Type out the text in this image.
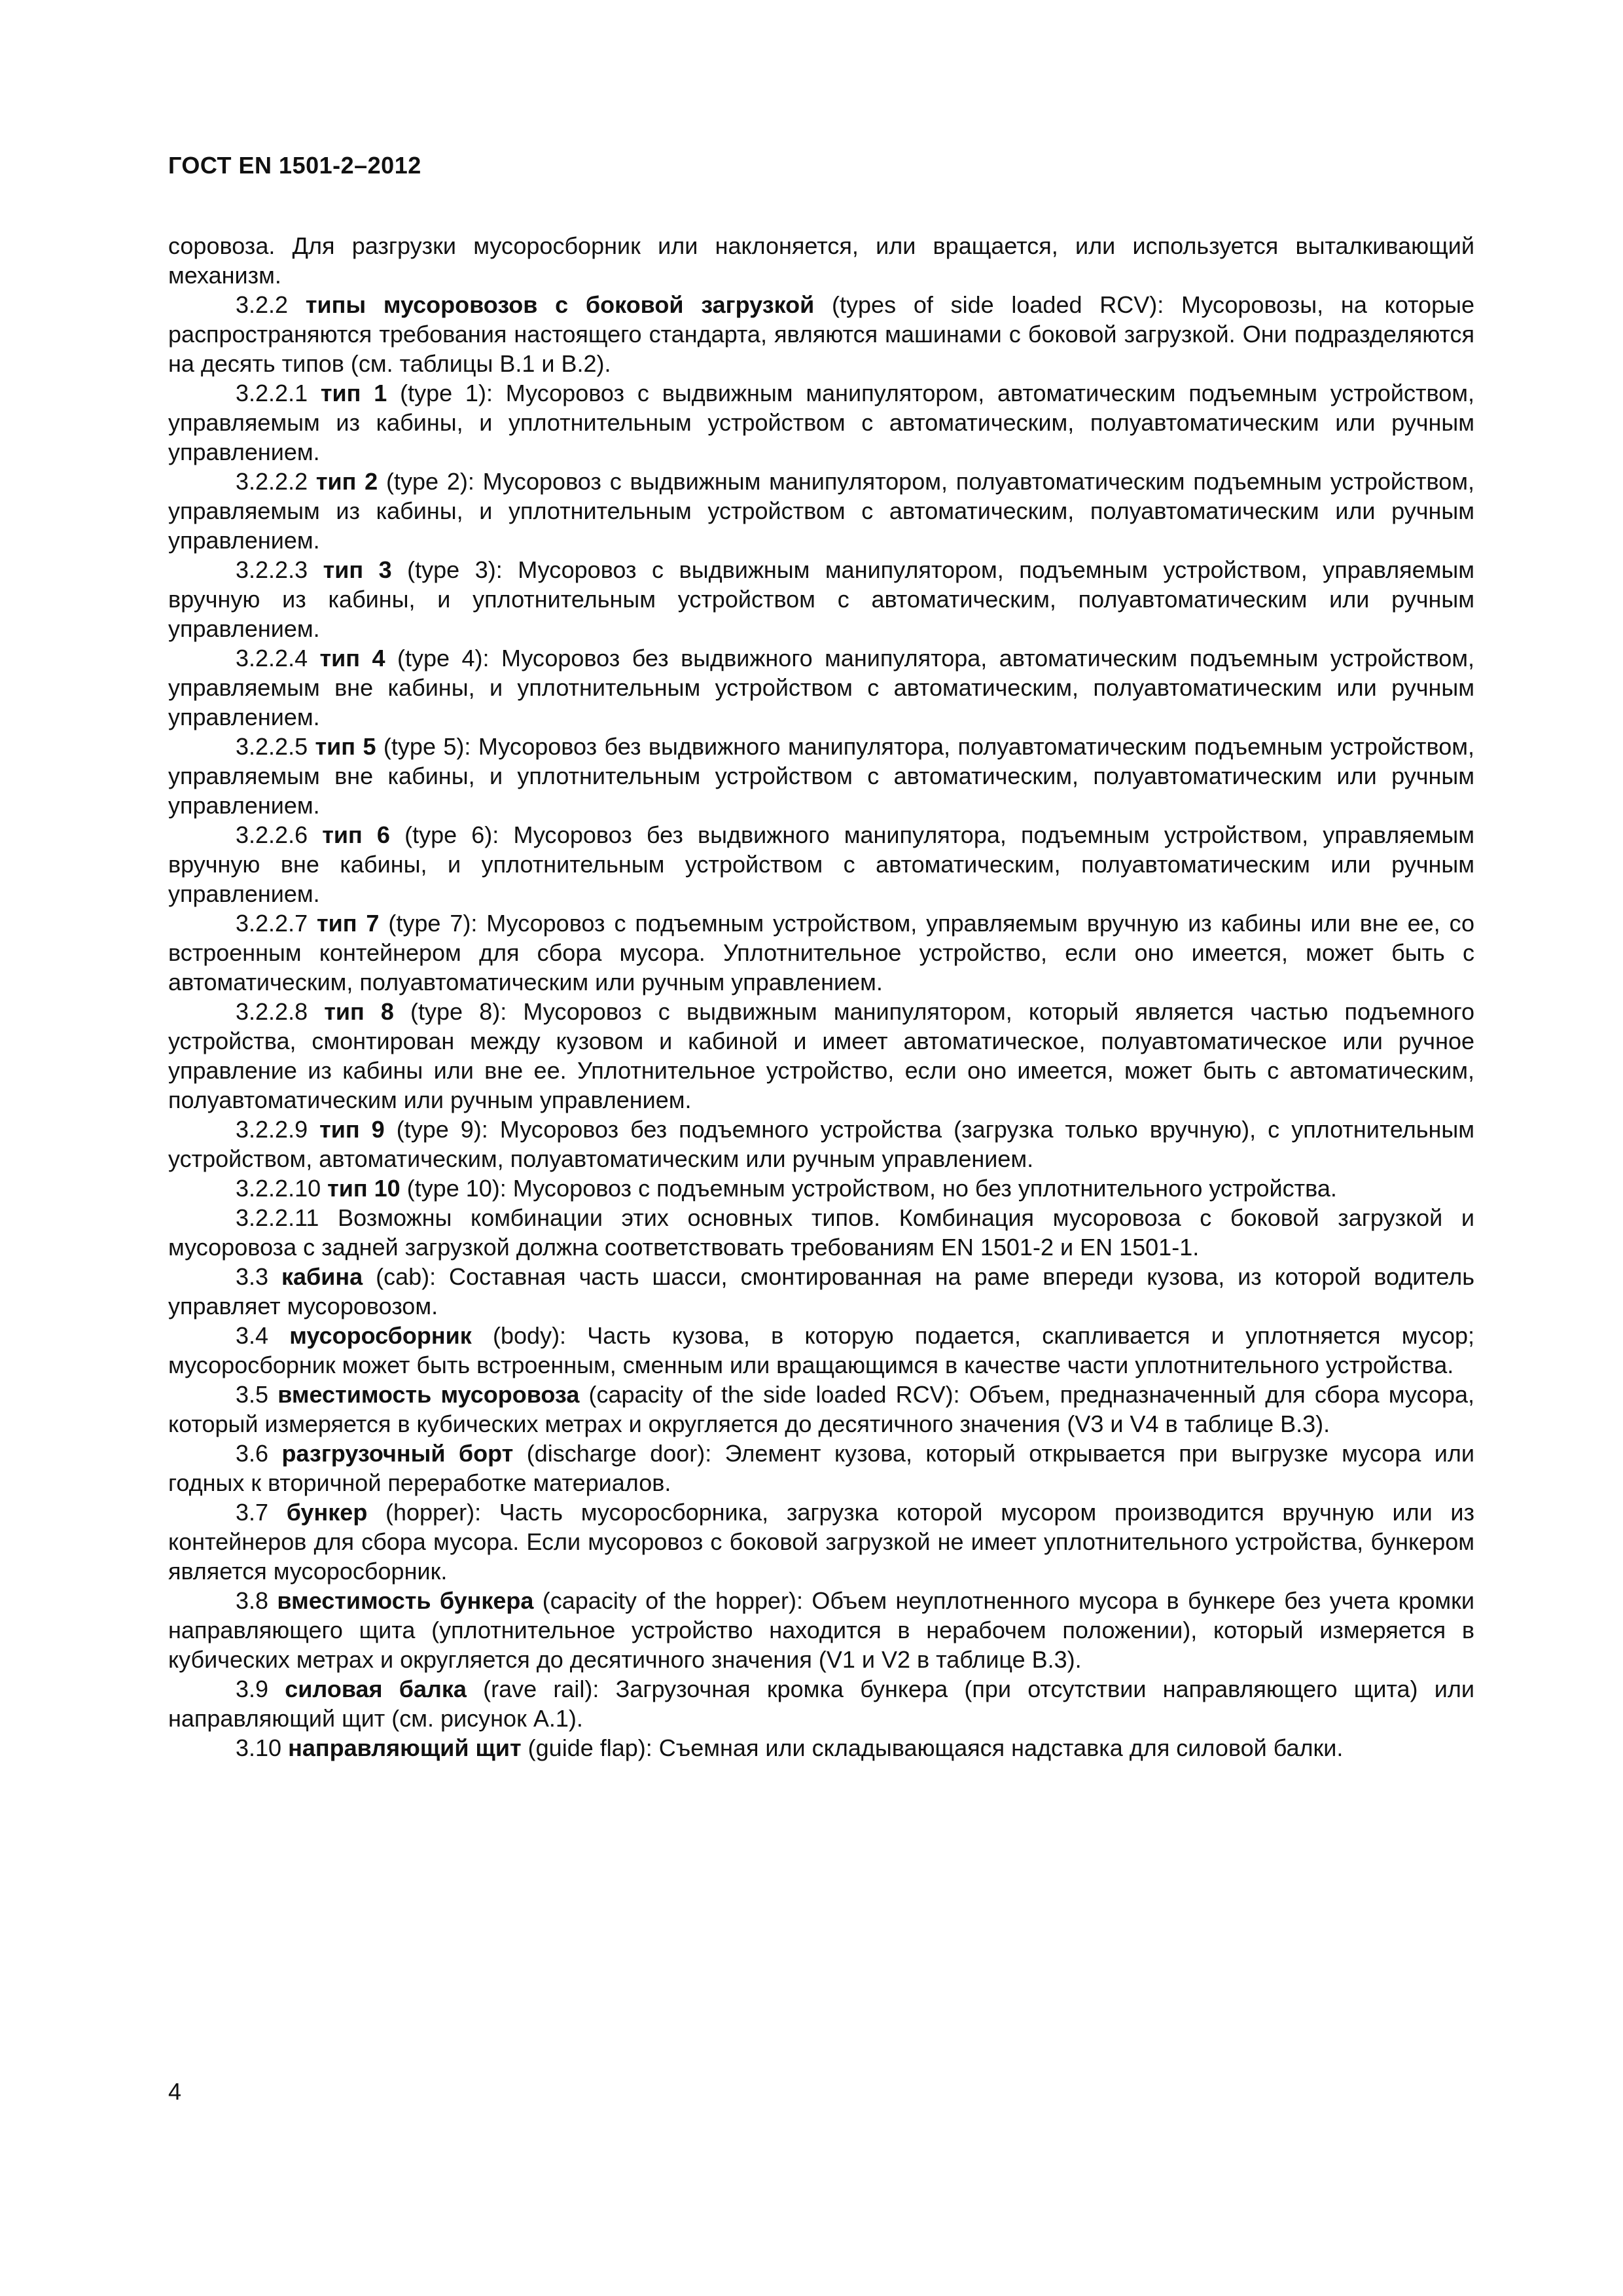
ГОСТ EN 1501-2–2012

соровоза. Для разгрузки мусоросборник или наклоняется, или вращается, или используется выталкивающий механизм.

3.2.2 типы мусоровозов с боковой загрузкой (types of side loaded RCV): Мусоровозы, на которые распространяются требования настоящего стандарта, являются машинами с боковой загрузкой. Они подразделяются на десять типов (см. таблицы B.1 и B.2).

3.2.2.1 тип 1 (type 1): Мусоровоз с выдвижным манипулятором, автоматическим подъемным устройством, управляемым из кабины, и уплотнительным устройством с автоматическим, полуавтоматическим или ручным управлением.

3.2.2.2 тип 2 (type 2): Мусоровоз с выдвижным манипулятором, полуавтоматическим подъемным устройством, управляемым из кабины, и уплотнительным устройством с автоматическим, полуавтоматическим или ручным управлением.

3.2.2.3 тип 3 (type 3): Мусоровоз с выдвижным манипулятором, подъемным устройством, управляемым вручную из кабины, и уплотнительным устройством с автоматическим, полуавтоматическим или ручным управлением.

3.2.2.4 тип 4 (type 4): Мусоровоз без выдвижного манипулятора, автоматическим подъемным устройством, управляемым вне кабины, и уплотнительным устройством с автоматическим, полуавтоматическим или ручным управлением.

3.2.2.5 тип 5 (type 5): Мусоровоз без выдвижного манипулятора, полуавтоматическим подъемным устройством, управляемым вне кабины, и уплотнительным устройством с автоматическим, полуавтоматическим или ручным управлением.

3.2.2.6 тип 6 (type 6): Мусоровоз без выдвижного манипулятора, подъемным устройством, управляемым вручную вне кабины, и уплотнительным устройством с автоматическим, полуавтоматическим или ручным управлением.

3.2.2.7 тип 7 (type 7): Мусоровоз с подъемным устройством, управляемым вручную из кабины или вне ее, со встроенным контейнером для сбора мусора. Уплотнительное устройство, если оно имеется, может быть с автоматическим, полуавтоматическим или ручным управлением.

3.2.2.8 тип 8 (type 8): Мусоровоз с выдвижным манипулятором, который является частью подъемного устройства, смонтирован между кузовом и кабиной и имеет автоматическое, полуавтоматическое или ручное управление из кабины или вне ее. Уплотнительное устройство, если оно имеется, может быть с автоматическим, полуавтоматическим или ручным управлением.

3.2.2.9 тип 9 (type 9): Мусоровоз без подъемного устройства (загрузка только вручную), с уплотнительным устройством, автоматическим, полуавтоматическим или ручным управлением.

3.2.2.10 тип 10 (type 10): Мусоровоз с подъемным устройством, но без уплотнительного устройства.

3.2.2.11 Возможны комбинации этих основных типов. Комбинация мусоровоза с боковой загрузкой и мусоровоза с задней загрузкой должна соответствовать требованиям EN 1501-2 и EN 1501-1.

3.3 кабина (cab): Составная часть шасси, смонтированная на раме впереди кузова, из которой водитель управляет мусоровозом.

3.4 мусоросборник (body): Часть кузова, в которую подается, скапливается и уплотняется мусор; мусоросборник может быть встроенным, сменным или вращающимся в качестве части уплотнительного устройства.

3.5 вместимость мусоровоза (capacity of the side loaded RCV): Объем, предназначенный для сбора мусора, который измеряется в кубических метрах и округляется до десятичного значения (V3 и V4 в таблице B.3).

3.6 разгрузочный борт (discharge door): Элемент кузова, который открывается при выгрузке мусора или годных к вторичной переработке материалов.

3.7 бункер (hopper): Часть мусоросборника, загрузка которой мусором производится вручную или из контейнеров для сбора мусора. Если мусоровоз с боковой загрузкой не имеет уплотнительного устройства, бункером является мусоросборник.

3.8 вместимость бункера (capacity of the hopper): Объем неуплотненного мусора в бункере без учета кромки направляющего щита (уплотнительное устройство находится в нерабочем положении), который измеряется в кубических метрах и округляется до десятичного значения (V1 и V2 в таблице B.3).

3.9 силовая балка (rave rail): Загрузочная кромка бункера (при отсутствии направляющего щита) или направляющий щит (см. рисунок А.1).

3.10 направляющий щит (guide flap): Съемная или складывающаяся надставка для силовой балки.

4
